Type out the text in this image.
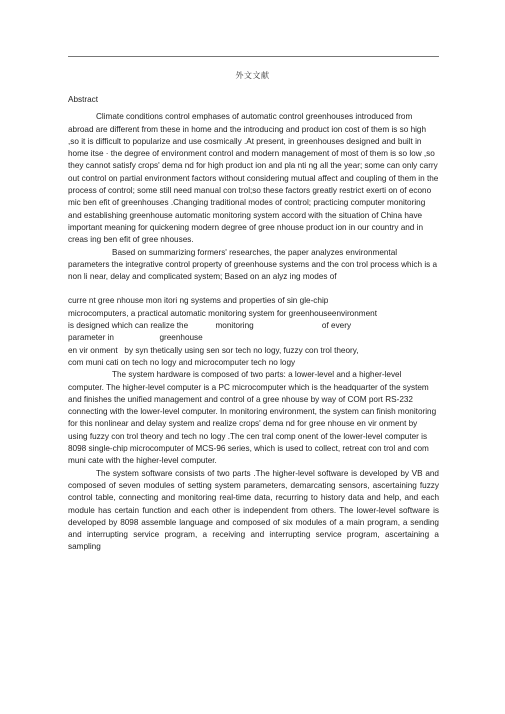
外文文献
Abstract

Climate conditions control emphases of automatic control greenhouses introduced from abroad are different from these in home and the introducing and product ion cost of them is so high ,so it is difficult to popularize and use cosmically .At present, in greenhouses designed and built in home itse · the degree of environment control and modern management of most of them is so low ,so they cannot satisfy crops' dema nd for high product ion and pla nti ng all the year; some can only carry out control on partial environment factors without considering mutual affect and coupling of them in the process of control; some still need manual con trol;so these factors greatly restrict exerti on of econo mic ben efit of greenhouses .Changing traditional modes of control; practicing computer monitoring and establishing greenhouse automatic monitoring system accord with the situation of China have important meaning for quickening modern degree of gree nhouse product ion in our country and in creas ing ben efit of gree nhouses.

Based on summarizing formers' researches, the paper analyzes environmental parameters the integrative control property of greenhouse systems and the con trol process which is a non li near, delay and complicated system; Based on an alyz ing modes of

curre nt gree nhouse mon itori ng systems and properties of sin gle-chip
microcomputers, a practical automatic monitoring system for greenhouseenvironment
is designed which can realize the            monitoring                              of every
parameter in                    greenhouse
en vir onment   by syn thetically using sen sor tech no logy, fuzzy con trol theory,
com muni cati on tech no logy and microcomputer tech no logy

The system hardware is composed of two parts: a lower-level and a higher-level computer. The higher-level computer is a PC microcomputer which is the headquarter of the system and finishes the unified management and control of a gree nhouse by way of COM port RS-232 connecting with the lower-level computer. In monitoring environment, the system can finish monitoring for this nonlinear and delay system and realize crops' dema nd for gree nhouse en vir onment by using fuzzy con trol theory and tech no logy .The cen tral comp onent of the lower-level computer is 8098 single-chip microcomputer of MCS-96 series, which is used to collect, retreat con trol and com muni cate with the higher-level computer.

The system software consists of two parts .The higher-level software is developed by VB and composed of seven modules of setting system parameters, demarcating sensors, ascertaining fuzzy control table, connecting and monitoring real-time data, recurring to history data and help, and each module has certain function and each other is independent from others. The lower-level software is developed by 8098 assemble language and composed of six modules of a main program, a sending and interrupting service program, a receiving and interrupting service program, ascertaining a sampling
